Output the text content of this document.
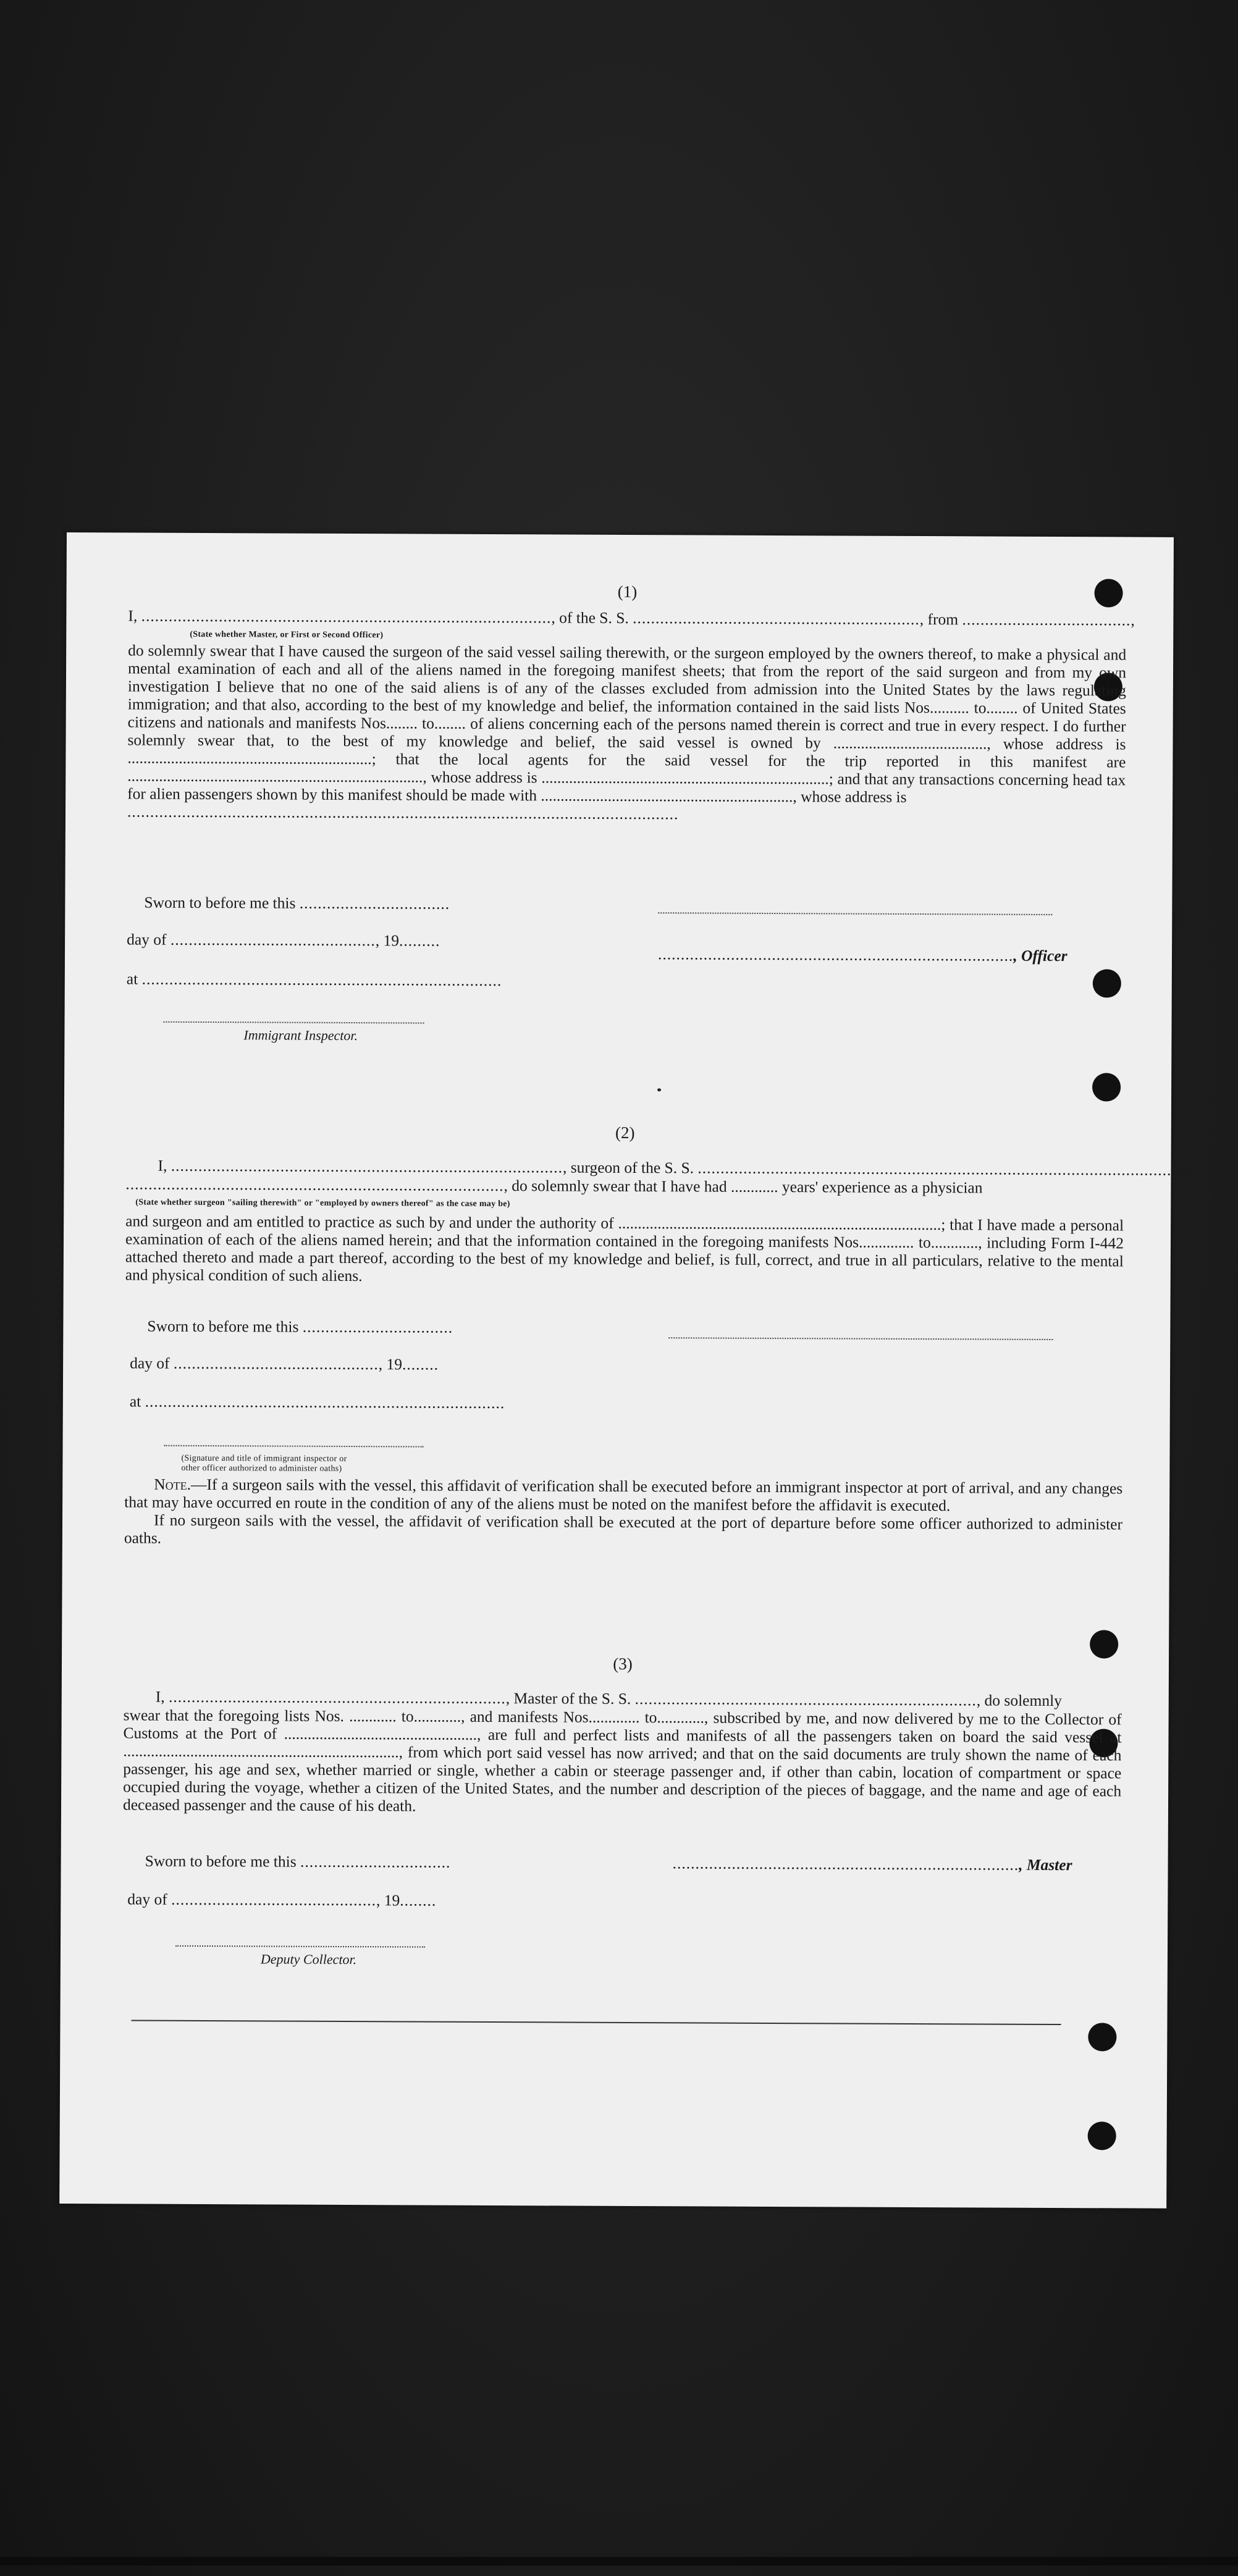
(1)
I, .........................................................................................., of the S. S. ..............................................................., from .....................................,
(State whether Master, or First or Second Officer)

do solemnly swear that I have caused the surgeon of the said vessel sailing therewith, or the surgeon employed by the owners thereof, to make a physical and mental examination of each and all of the aliens named in the foregoing manifest sheets; that from the report of the said surgeon and from my own investigation I believe that no one of the said aliens is of any of the classes excluded from admission into the United States by the laws regulating immigration; and that also, according to the best of my knowledge and belief, the information contained in the said lists Nos.......... to........ of United States citizens and nationals and manifests Nos........ to........ of aliens concerning each of the persons named therein is correct and true in every respect. I do further solemnly swear that, to the best of my knowledge and belief, the said vessel is owned by ......................................., whose address is ..............................................................; that the local agents for the said vessel for the trip reported in this manifest are ..........................................................................., whose address is .........................................................................; and that any transactions concerning head tax for alien passengers shown by this manifest should be made with ................................................................, whose address is

.........................................................................................................................
Sworn to before me this .................................
day of ............................................., 19.........
.............................................................................., Officer
at ...............................................................................
Immigrant Inspector.
(2)
I, ......................................................................................, surgeon of the S. S. .............................................................................................................,
..................................................................................., do solemnly swear that I have had ............ years' experience as a physician
(State whether surgeon "sailing therewith" or "employed by owners thereof" as the case may be)

and surgeon and am entitled to practice as such by and under the authority of ..................................................................................; that I have made a personal examination of each of the aliens named herein; and that the information contained in the foregoing manifests Nos.............. to............, including Form I-442 attached thereto and made a part thereof, according to the best of my knowledge and belief, is full, correct, and true in all particulars, relative to the mental and physical condition of such aliens.

Sworn to before me this .................................
day of ............................................., 19........
at ...............................................................................
(Signature and title of immigrant inspector or
other officer authorized to administer oaths)

Note.—If a surgeon sails with the vessel, this affidavit of verification shall be executed before an immigrant inspector at port of arrival, and any changes that may have occurred en route in the condition of any of the aliens must be noted on the manifest before the affidavit is executed.

If no surgeon sails with the vessel, the affidavit of verification shall be executed at the port of departure before some officer authorized to administer oaths.

(3)
I, .........................................................................., Master of the S. S. ..........................................................................., do solemnly

swear that the foregoing lists Nos. ............ to............, and manifests Nos............. to............, subscribed by me, and now delivered by me to the Collector of Customs at the Port of ................................................., are full and perfect lists and manifests of all the passengers taken on board the said vessel at ......................................................................, from which port said vessel has now arrived; and that on the said documents are truly shown the name of each passenger, his age and sex, whether married or single, whether a cabin or steerage passenger and, if other than cabin, location of compartment or space occupied during the voyage, whether a citizen of the United States, and the number and description of the pieces of baggage, and the name and age of each deceased passenger and the cause of his death.

Sworn to before me this .................................	............................................................................, Master
day of ............................................., 19........
Deputy Collector.
